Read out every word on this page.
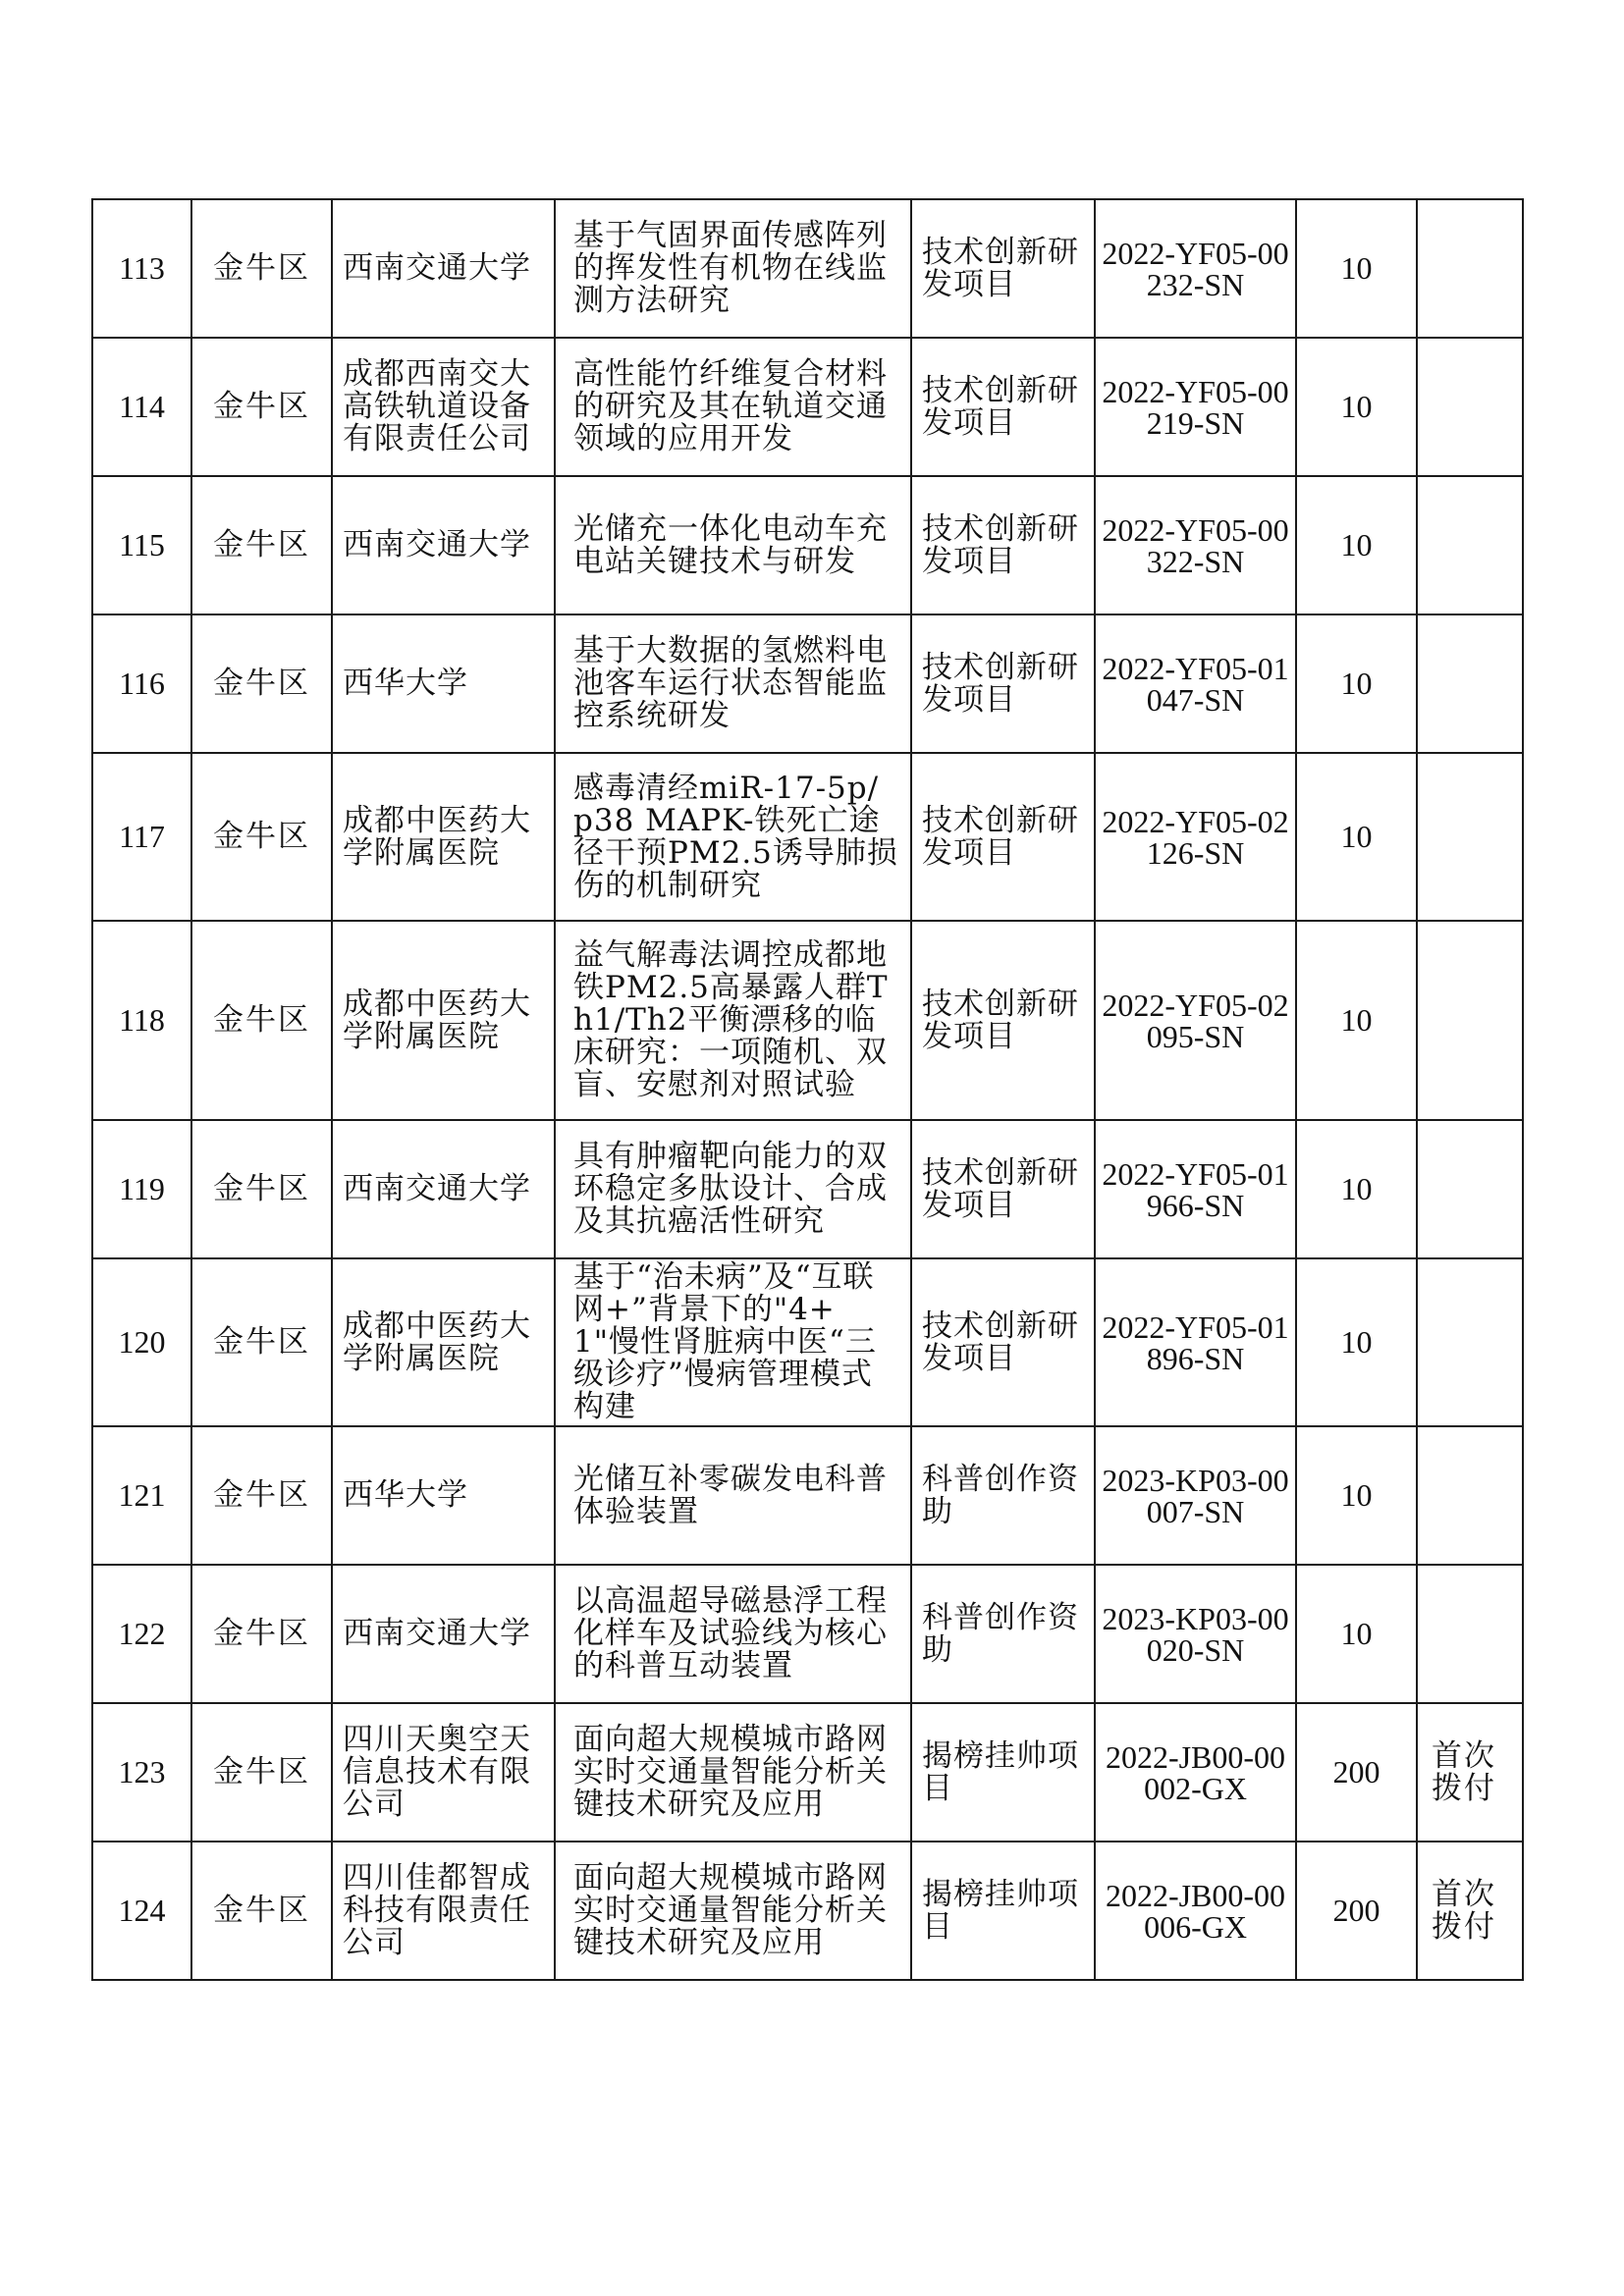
113	金牛区	西南交通大学	基于气固界面传感阵列的挥发性有机物在线监测方法研究	技术创新研发项目	2022-YF05-00232-SN	10	

114	金牛区	成都西南交大高铁轨道设备有限责任公司	高性能竹纤维复合材料的研究及其在轨道交通领域的应用开发	技术创新研发项目	2022-YF05-00219-SN	10	

115	金牛区	西南交通大学	光储充一体化电动车充电站关键技术与研发	技术创新研发项目	2022-YF05-00322-SN	10	

116	金牛区	西华大学	基于大数据的氢燃料电池客车运行状态智能监控系统研发	技术创新研发项目	2022-YF05-01047-SN	10	

117	金牛区	成都中医药大学附属医院	感毒清经miR-17-5p/p38 MAPK-铁死亡途径干预PM2.5诱导肺损伤的机制研究	技术创新研发项目	2022-YF05-02126-SN	10	

118	金牛区	成都中医药大学附属医院	益气解毒法调控成都地铁PM2.5高暴露人群Th1/Th2平衡漂移的临床研究：一项随机、双盲、安慰剂对照试验	技术创新研发项目	2022-YF05-02095-SN	10	

119	金牛区	西南交通大学	具有肿瘤靶向能力的双环稳定多肽设计、合成及其抗癌活性研究	技术创新研发项目	2022-YF05-01966-SN	10	

120	金牛区	成都中医药大学附属医院	基于“治未病”及“互联网+”背景下的"4+1"慢性肾脏病中医“三级诊疗”慢病管理模式构建	技术创新研发项目	2022-YF05-01896-SN	10	

121	金牛区	西华大学	光储互补零碳发电科普体验装置	科普创作资助	2023-KP03-00007-SN	10	

122	金牛区	西南交通大学	以高温超导磁悬浮工程化样车及试验线为核心的科普互动装置	科普创作资助	2023-KP03-00020-SN	10	

123	金牛区	四川天奥空天信息技术有限公司	面向超大规模城市路网实时交通量智能分析关键技术研究及应用	揭榜挂帅项目	2022-JB00-00002-GX	200	首次拨付

124	金牛区	四川佳都智成科技有限责任公司	面向超大规模城市路网实时交通量智能分析关键技术研究及应用	揭榜挂帅项目	2022-JB00-00006-GX	200	首次拨付
